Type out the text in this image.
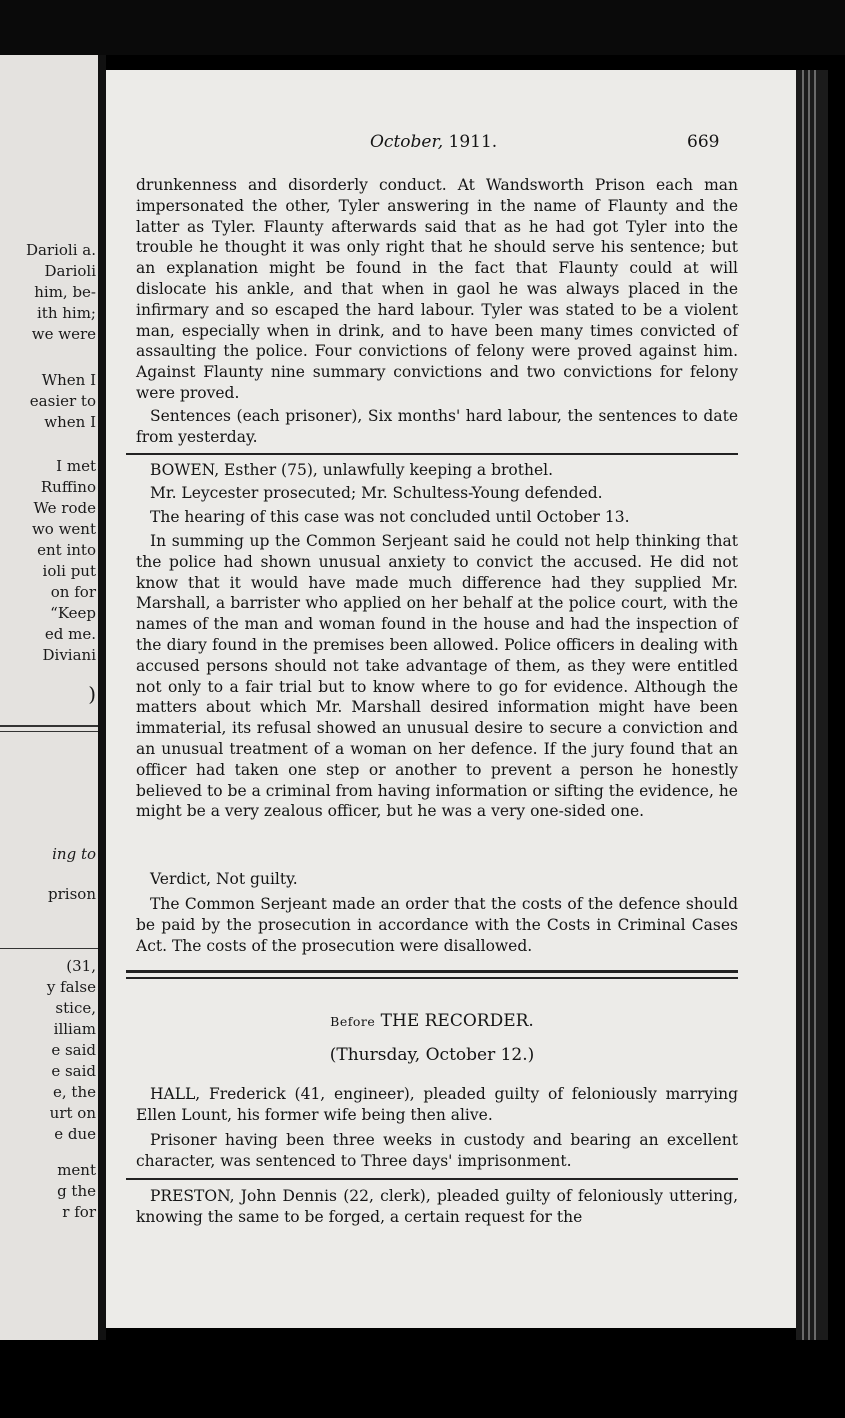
Darioli a.
Darioli
him, be-
ith him;
we were
When I
easier to
when I
I met
Ruffino
We rode
wo went
ent into
ioli put
on for
“Keep
ed me.
Diviani
)
ing to
prison
(31,
y false
stice,
illiam
e said
e said
e, the
urt on
e due
ment
g the
r for
October, 1911.	669

drunkenness and disorderly conduct. At Wandsworth Prison each man impersonated the other, Tyler answering in the name of Flaunty and the latter as Tyler. Flaunty afterwards said that as he had got Tyler into the trouble he thought it was only right that he should serve his sentence; but an explanation might be found in the fact that Flaunty could at will dislocate his ankle, and that when in gaol he was always placed in the infirmary and so escaped the hard labour. Tyler was stated to be a violent man, especially when in drink, and to have been many times convicted of assaulting the police. Four convictions of felony were proved against him. Against Flaunty nine summary convictions and two convictions for felony were proved.

Sentences (each prisoner), Six months' hard labour, the sentences to date from yesterday.

BOWEN, Esther (75), unlawfully keeping a brothel.

Mr. Leycester prosecuted; Mr. Schultess-Young defended.

The hearing of this case was not concluded until October 13.

In summing up the Common Serjeant said he could not help thinking that the police had shown unusual anxiety to convict the accused. He did not know that it would have made much difference had they supplied Mr. Marshall, a barrister who applied on her behalf at the police court, with the names of the man and woman found in the house and had the inspection of the diary found in the premises been allowed. Police officers in dealing with accused persons should not take advantage of them, as they were entitled not only to a fair trial but to know where to go for evidence. Although the matters about which Mr. Marshall desired information might have been immaterial, its refusal showed an unusual desire to secure a conviction and an unusual treatment of a woman on her defence. If the jury found that an officer had taken one step or another to prevent a person he honestly believed to be a criminal from having information or sifting the evidence, he might be a very zealous officer, but he was a very one-sided one.

Verdict, Not guilty.

The Common Serjeant made an order that the costs of the defence should be paid by the prosecution in accordance with the Costs in Criminal Cases Act. The costs of the prosecution were disallowed.

Before THE RECORDER.
(Thursday, October 12.)

HALL, Frederick (41, engineer), pleaded guilty of feloniously marrying Ellen Lount, his former wife being then alive.

Prisoner having been three weeks in custody and bearing an excellent character, was sentenced to Three days' imprisonment.

PRESTON, John Dennis (22, clerk), pleaded guilty of feloniously uttering, knowing the same to be forged, a certain request for the
